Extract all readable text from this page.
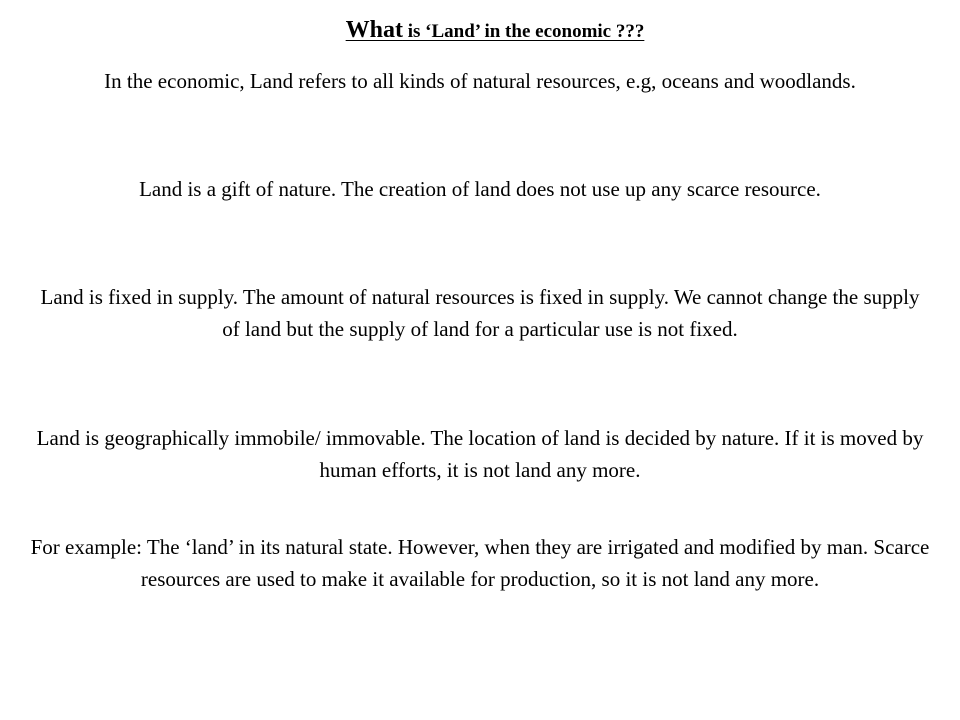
What is ‘Land’ in the economic ???
In the economic, Land refers to all kinds of natural resources, e.g, oceans and woodlands.
Land is a gift of nature. The creation of land does not use up any scarce resource.
Land is fixed in supply. The amount of natural resources is fixed in supply. We cannot change the supply of land but the supply of land for a particular use is not fixed.
Land is geographically immobile/ immovable. The location of land is decided by nature. If it is moved by human efforts, it is not land any more.
For example: The ‘land’ in its natural state. However, when they are irrigated and modified by man. Scarce resources are used to make it available for production, so it is not land any more.
